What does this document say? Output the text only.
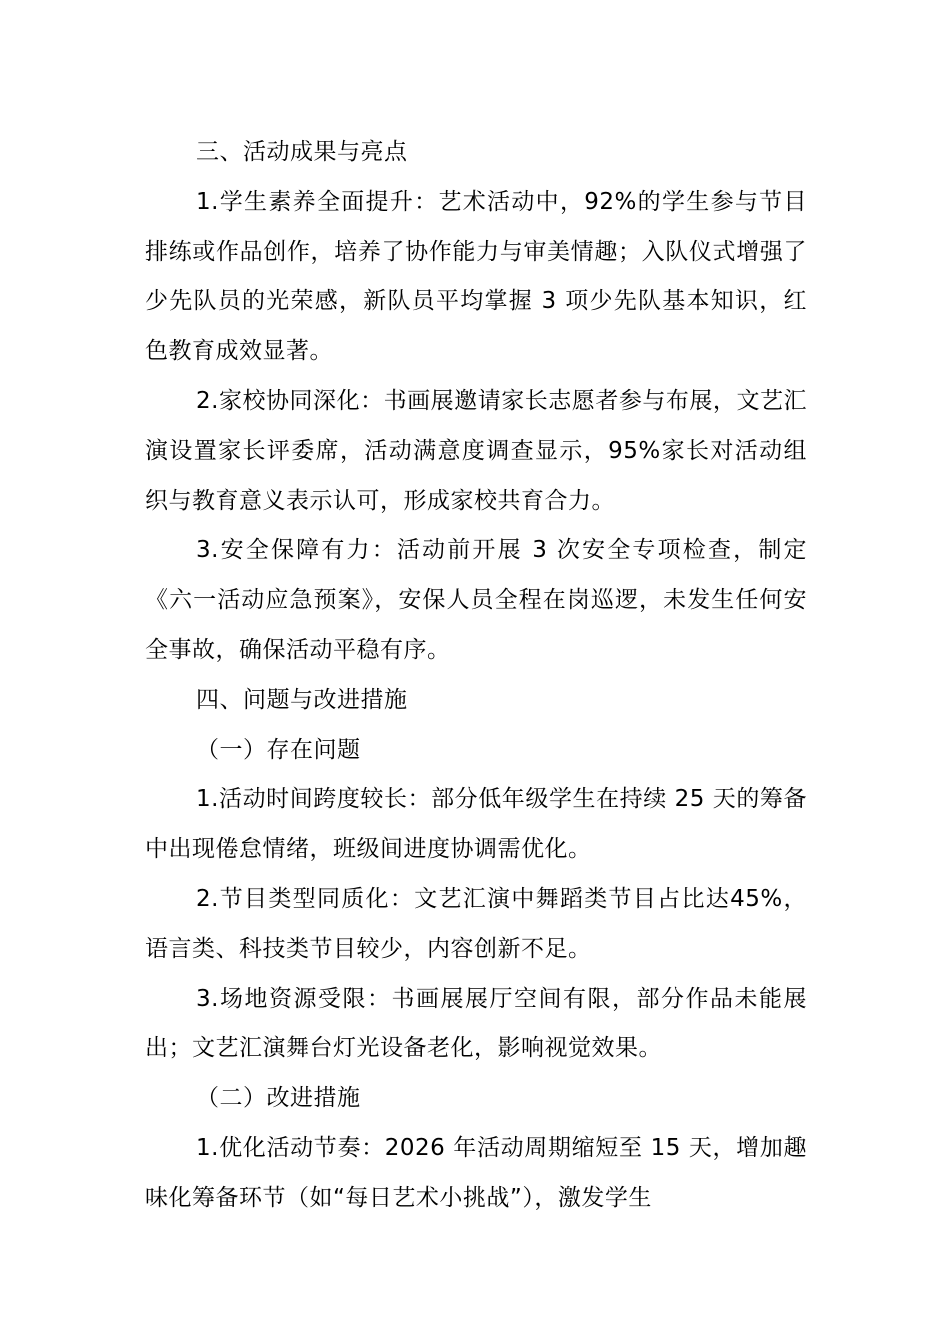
三、活动成果与亮点

1.学生素养全面提升：艺术活动中，92%的学生参与节目排练或作品创作，培养了协作能力与审美情趣；入队仪式增强了少先队员的光荣感，新队员平均掌握 3 项少先队基本知识，红色教育成效显著。

2.家校协同深化：书画展邀请家长志愿者参与布展，文艺汇演设置家长评委席，活动满意度调查显示，95%家长对活动组织与教育意义表示认可，形成家校共育合力。

3.安全保障有力：活动前开展 3 次安全专项检查，制定《六一活动应急预案》，安保人员全程在岗巡逻，未发生任何安全事故，确保活动平稳有序。

四、问题与改进措施

（一）存在问题

1.活动时间跨度较长：部分低年级学生在持续 25 天的筹备中出现倦怠情绪，班级间进度协调需优化。

2.节目类型同质化：文艺汇演中舞蹈类节目占比达45%，语言类、科技类节目较少，内容创新不足。

3.场地资源受限：书画展展厅空间有限，部分作品未能展出；文艺汇演舞台灯光设备老化，影响视觉效果。

（二）改进措施

1.优化活动节奏：2026 年活动周期缩短至 15 天，增加趣味化筹备环节（如“每日艺术小挑战”），激发学生
